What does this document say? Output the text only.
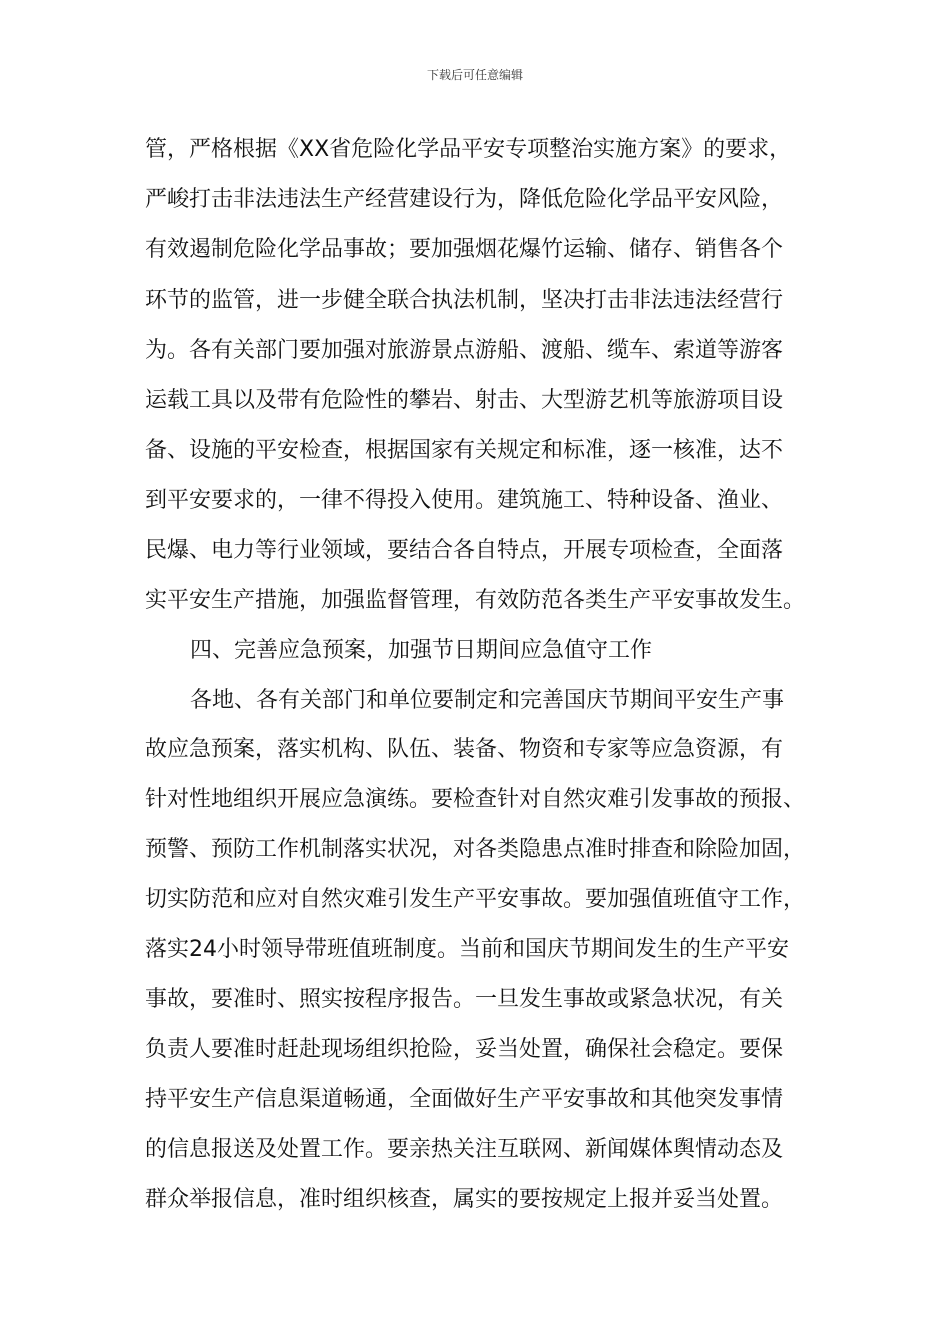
下载后可任意编辑
管，严格根据《XX省危险化学品平安专项整治实施方案》的要求，
严峻打击非法违法生产经营建设行为，降低危险化学品平安风险，
有效遏制危险化学品事故；要加强烟花爆竹运输、储存、销售各个
环节的监管，进一步健全联合执法机制，坚决打击非法违法经营行
为。各有关部门要加强对旅游景点游船、渡船、缆车、索道等游客
运载工具以及带有危险性的攀岩、射击、大型游艺机等旅游项目设
备、设施的平安检查，根据国家有关规定和标准，逐一核准，达不
到平安要求的，一律不得投入使用。建筑施工、特种设备、渔业、
民爆、电力等行业领域，要结合各自特点，开展专项检查，全面落
实平安生产措施，加强监督管理，有效防范各类生产平安事故发生。
四、完善应急预案，加强节日期间应急值守工作
各地、各有关部门和单位要制定和完善国庆节期间平安生产事
故应急预案，落实机构、队伍、装备、物资和专家等应急资源，有
针对性地组织开展应急演练。要检查针对自然灾难引发事故的预报、
预警、预防工作机制落实状况，对各类隐患点准时排查和除险加固，
切实防范和应对自然灾难引发生产平安事故。要加强值班值守工作，
落实24小时领导带班值班制度。当前和国庆节期间发生的生产平安
事故，要准时、照实按程序报告。一旦发生事故或紧急状况，有关
负责人要准时赶赴现场组织抢险，妥当处置，确保社会稳定。要保
持平安生产信息渠道畅通，全面做好生产平安事故和其他突发事情
的信息报送及处置工作。要亲热关注互联网、新闻媒体舆情动态及
群众举报信息，准时组织核查，属实的要按规定上报并妥当处置。
